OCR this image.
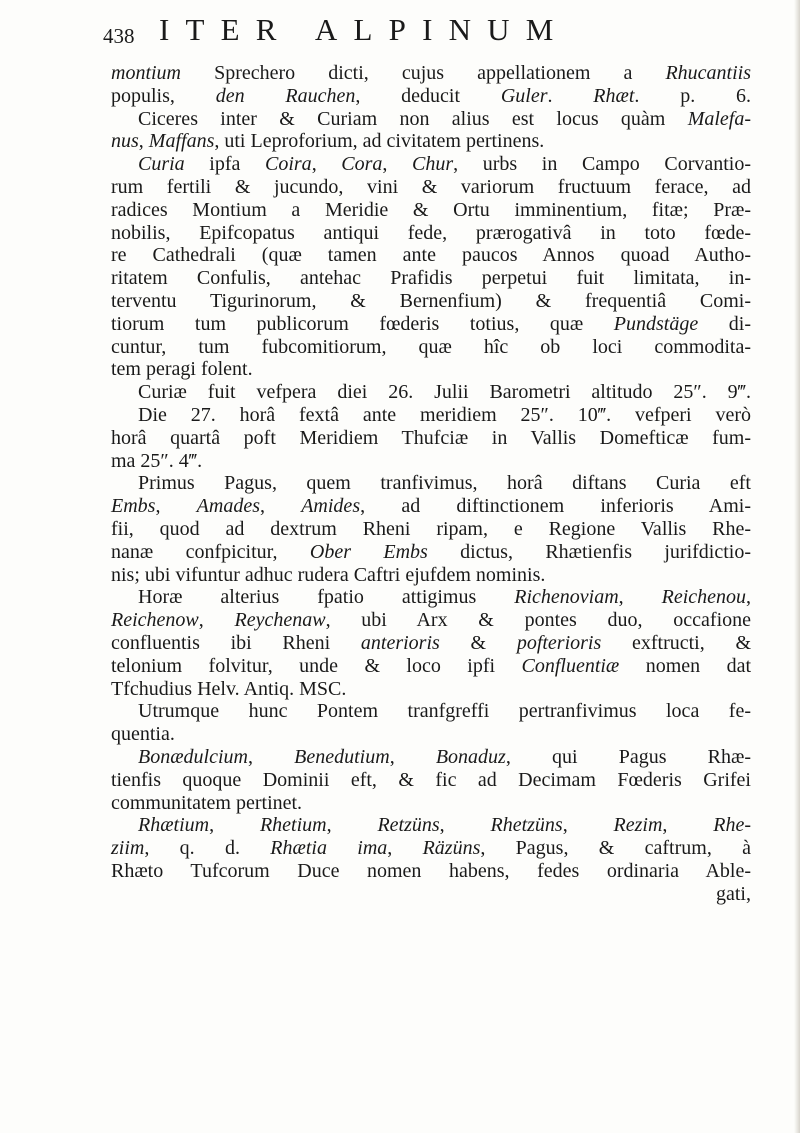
438 ITER ALPINUM
montium Sprechero dicti, cujus appellationem a Rhucantiis
populis, den Rauchen, deducit Guler. Rhæt. p. 6.
Ciceres inter & Curiam non alius est locus quàm Malefa-
nus, Maffans, uti Leproforium, ad civitatem pertinens.
Curia ipfa Coira, Cora, Chur, urbs in Campo Corvantio-
rum fertili & jucundo, vini & variorum fructuum ferace, ad
radices Montium a Meridie & Ortu imminentium, fitæ; Præ-
nobilis, Epifcopatus antiqui fede, prærogativâ in toto fœde-
re Cathedrali (quæ tamen ante paucos Annos quoad Autho-
ritatem Confulis, antehac Prafidis perpetui fuit limitata, in-
terventu Tigurinorum, & Bernenfium) & frequentiâ Comi-
tiorum tum publicorum fœderis totius, quæ Pundstäge di-
cuntur, tum fubcomitiorum, quæ hîc ob loci commodita-
tem peragi folent.
Curiæ fuit vefpera diei 26. Julii Barometri altitudo 25″. 9‴.
Die 27. horâ fextâ ante meridiem 25″. 10‴. vefperi verò
horâ quartâ poft Meridiem Thufciæ in Vallis Domefticæ fum-
ma 25″. 4‴.
Primus Pagus, quem tranfivimus, horâ diftans Curia eft
Embs, Amades, Amides, ad diftinctionem inferioris Ami-
fii, quod ad dextrum Rheni ripam, e Regione Vallis Rhe-
nanæ confpicitur, Ober Embs dictus, Rhætienfis jurifdictio-
nis; ubi vifuntur adhuc rudera Caftri ejufdem nominis.
Horæ alterius fpatio attigimus Richenoviam, Reichenou,
Reichenow, Reychenaw, ubi Arx & pontes duo, occafione
confluentis ibi Rheni anterioris & pofterioris exftructi, &
telonium folvitur, unde & loco ipfi Confluentiæ nomen dat
Tfchudius Helv. Antiq. MSC.
Utrumque hunc Pontem tranfgreffi pertranfivimus loca fe-
quentia.
Bonædulcium, Benedutium, Bonaduz, qui Pagus Rhæ-
tienfis quoque Dominii eft, & fic ad Decimam Fœderis Grifei
communitatem pertinet.
Rhætium, Rhetium, Retzüns, Rhetzüns, Rezim, Rhe-
ziim, q. d. Rhætia ima, Räzüns, Pagus, & caftrum, à
Rhæto Tufcorum Duce nomen habens, fedes ordinaria Able-
gati,
